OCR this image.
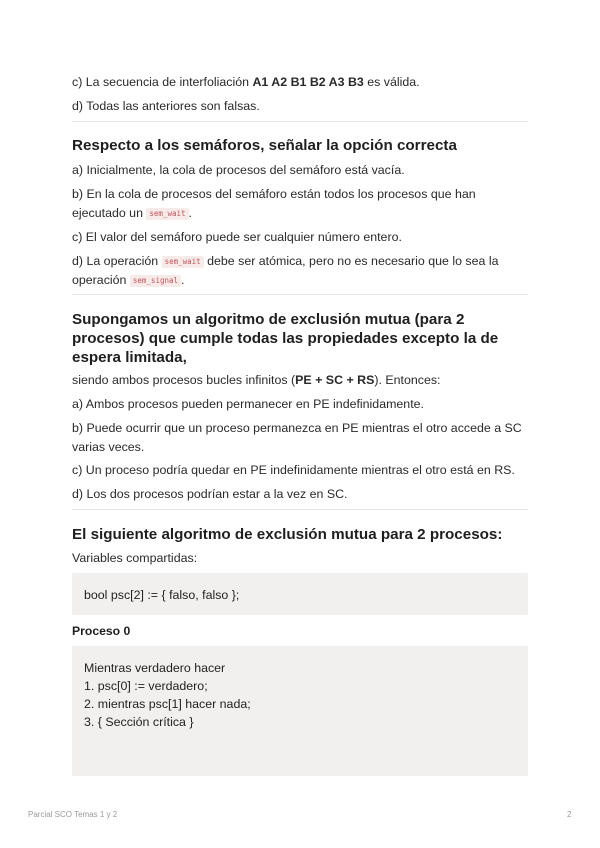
c) La secuencia de interfoliación A1 A2 B1 B2 A3 B3 es válida.
d) Todas las anteriores son falsas.
Respecto a los semáforos, señalar la opción correcta
a) Inicialmente, la cola de procesos del semáforo está vacía.
b) En la cola de procesos del semáforo están todos los procesos que han ejecutado un sem_wait .
c) El valor del semáforo puede ser cualquier número entero.
d) La operación sem_wait debe ser atómica, pero no es necesario que lo sea la operación sem_signal .
Supongamos un algoritmo de exclusión mutua (para 2 procesos) que cumple todas las propiedades excepto la de espera limitada,
siendo ambos procesos bucles infinitos (PE + SC + RS). Entonces:
a) Ambos procesos pueden permanecer en PE indefinidamente.
b) Puede ocurrir que un proceso permanezca en PE mientras el otro accede a SC varias veces.
c) Un proceso podría quedar en PE indefinidamente mientras el otro está en RS.
d) Los dos procesos podrían estar a la vez en SC.
El siguiente algoritmo de exclusión mutua para 2 procesos:
Variables compartidas:
bool psc[2] := { falso, falso };
Proceso 0
Mientras verdadero hacer
1. psc[0] := verdadero;
2. mientras psc[1] hacer nada;
3. { Sección crítica }
Parcial SCO Temas 1 y 2	2
